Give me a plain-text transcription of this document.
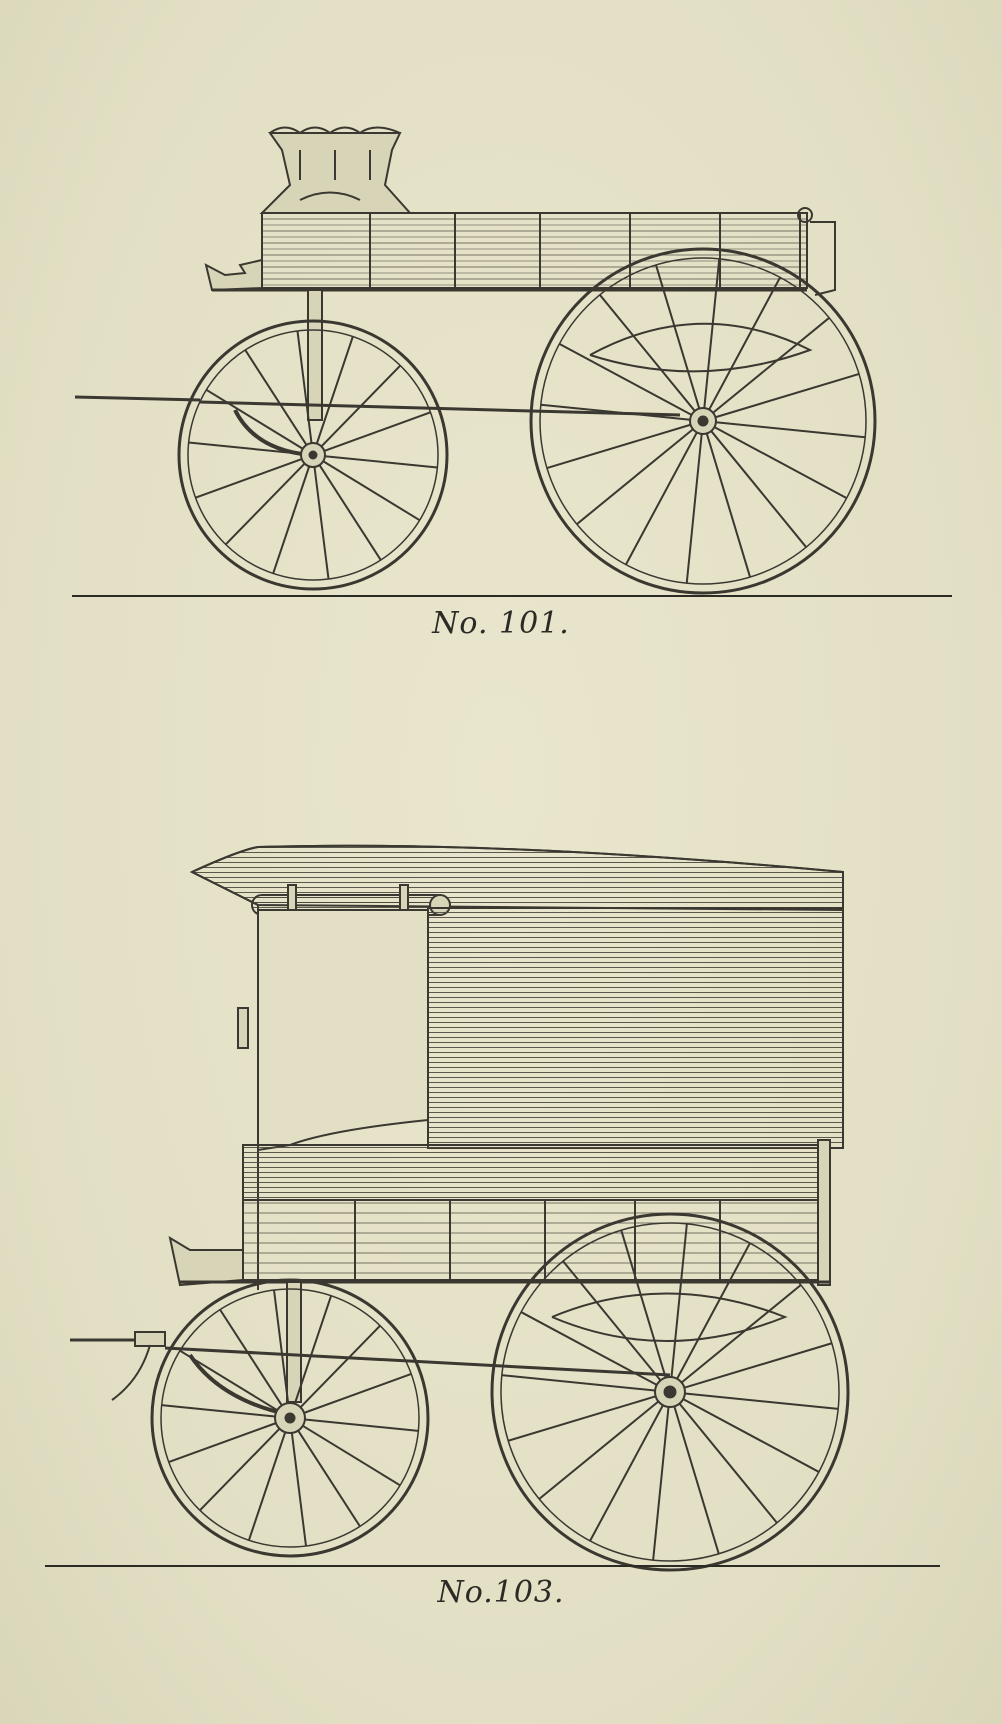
No. 101.
No.103.
